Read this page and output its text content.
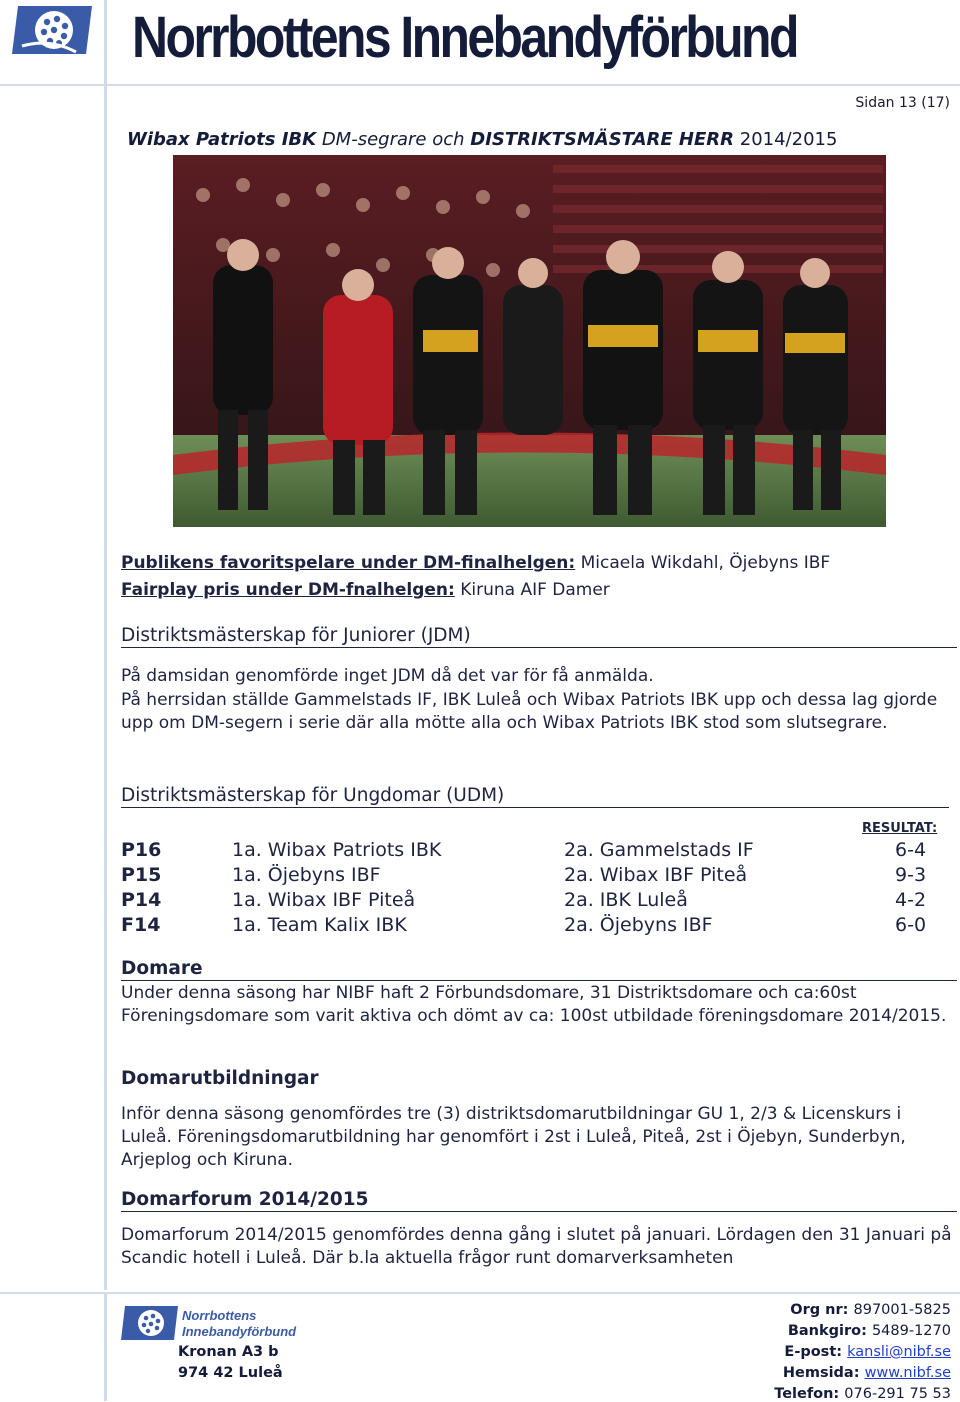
Norrbottens Innebandyförbund
Sidan 13 (17)
Wibax Patriots IBK DM-segrare och DISTRIKTSMÄSTARE HERR 2014/2015
Publikens favoritspelare under DM-finalhelgen: Micaela Wikdahl, Öjebyns IBF
Fairplay pris under DM-fnalhelgen: Kiruna AIF Damer
Distriktsmästerskap för Juniorer (JDM)

På damsidan genomförde inget JDM då det var för få anmälda.

På herrsidan ställde Gammelstads IF, IBK Luleå och Wibax Patriots IBK upp och dessa lag gjorde upp om DM-segern i serie där alla mötte alla och Wibax Patriots IBK stod som slutsegrare.

Distriktsmästerskap för Ungdomar (UDM)
RESULTAT:
P16	1a. Wibax Patriots IBK	2a. Gammelstads IF	6-4
P15	1a. Öjebyns IBF	2a. Wibax IBF Piteå	9-3
P14	1a. Wibax IBF Piteå	2a. IBK Luleå	4-2
F14	1a. Team Kalix IBK	2a. Öjebyns IBF	6-0
Domare

Under denna säsong har NIBF haft 2 Förbundsdomare, 31 Distriktsdomare och ca:60st Föreningsdomare som varit aktiva och dömt av ca: 100st utbildade föreningsdomare 2014/2015.

Domarutbildningar

Inför denna säsong genomfördes tre (3) distriktsdomarutbildningar GU 1, 2/3 & Licenskurs i Luleå. Föreningsdomarutbildning har genomfört i 2st i Luleå, Piteå, 2st i Öjebyn, Sunderbyn, Arjeplog och Kiruna.

Domarforum 2014/2015

Domarforum 2014/2015 genomfördes denna gång i slutet på januari. Lördagen den 31 Januari på Scandic hotell i Luleå. Där b.la aktuella frågor runt domarverksamheten

Norrbottens
Innebandyförbund
Kronan A3 b
974 42 Luleå
Org nr: 897001-5825
Bankgiro: 5489-1270
E-post: kansli@nibf.se
Hemsida: www.nibf.se
Telefon: 076-291 75 53
